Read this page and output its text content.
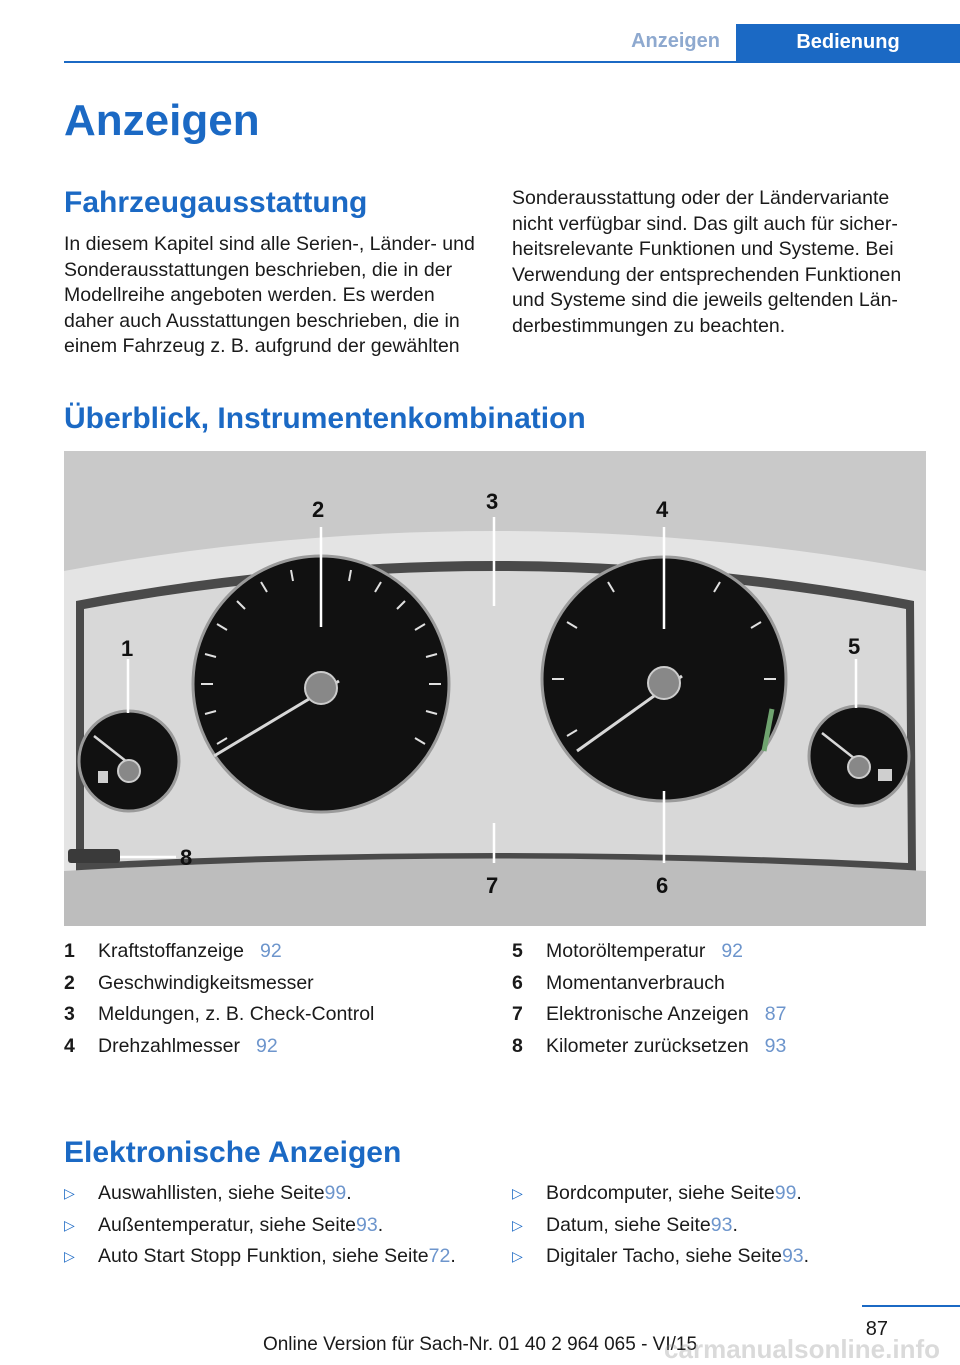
Anzeigen	Bedienung
Anzeigen
Fahrzeugausstattung
In diesem Kapitel sind alle Serien-, Länder- und Sonderausstattungen beschrieben, die in der Modellreihe angeboten werden. Es werden daher auch Ausstattungen beschrieben, die in einem Fahrzeug z. B. aufgrund der gewählten
Sonderausstattung oder der Ländervariante nicht verfügbar sind. Das gilt auch für sicherheitsrelevante Funktionen und Systeme. Bei Verwendung der entsprechenden Funktionen und Systeme sind die jeweils geltenden Länderbestimmungen zu beachten.
Überblick, Instrumentenkombination
1
2	3	4
5
6
7
8
1	Kraftstoffanzeige 92
2	Geschwindigkeitsmesser
3	Meldungen, z. B. Check-Control
4	Drehzahlmesser 92
5	Motoröltemperatur 92
6	Momentanverbrauch
7	Elektronische Anzeigen 87
8	Kilometer zurücksetzen 93
Elektronische Anzeigen
▷	Auswahllisten, siehe Seite 99 .
▷	Außentemperatur, siehe Seite 93 .
▷	Auto Start Stopp Funktion, siehe Seite 72 .
▷	Bordcomputer, siehe Seite 99 .
▷	Datum, siehe Seite 93 .
▷	Digitaler Tacho, siehe Seite 93 .
87
Online Version für Sach-Nr. 01 40 2 964 065 - VI/15
carmanualsonline.info
